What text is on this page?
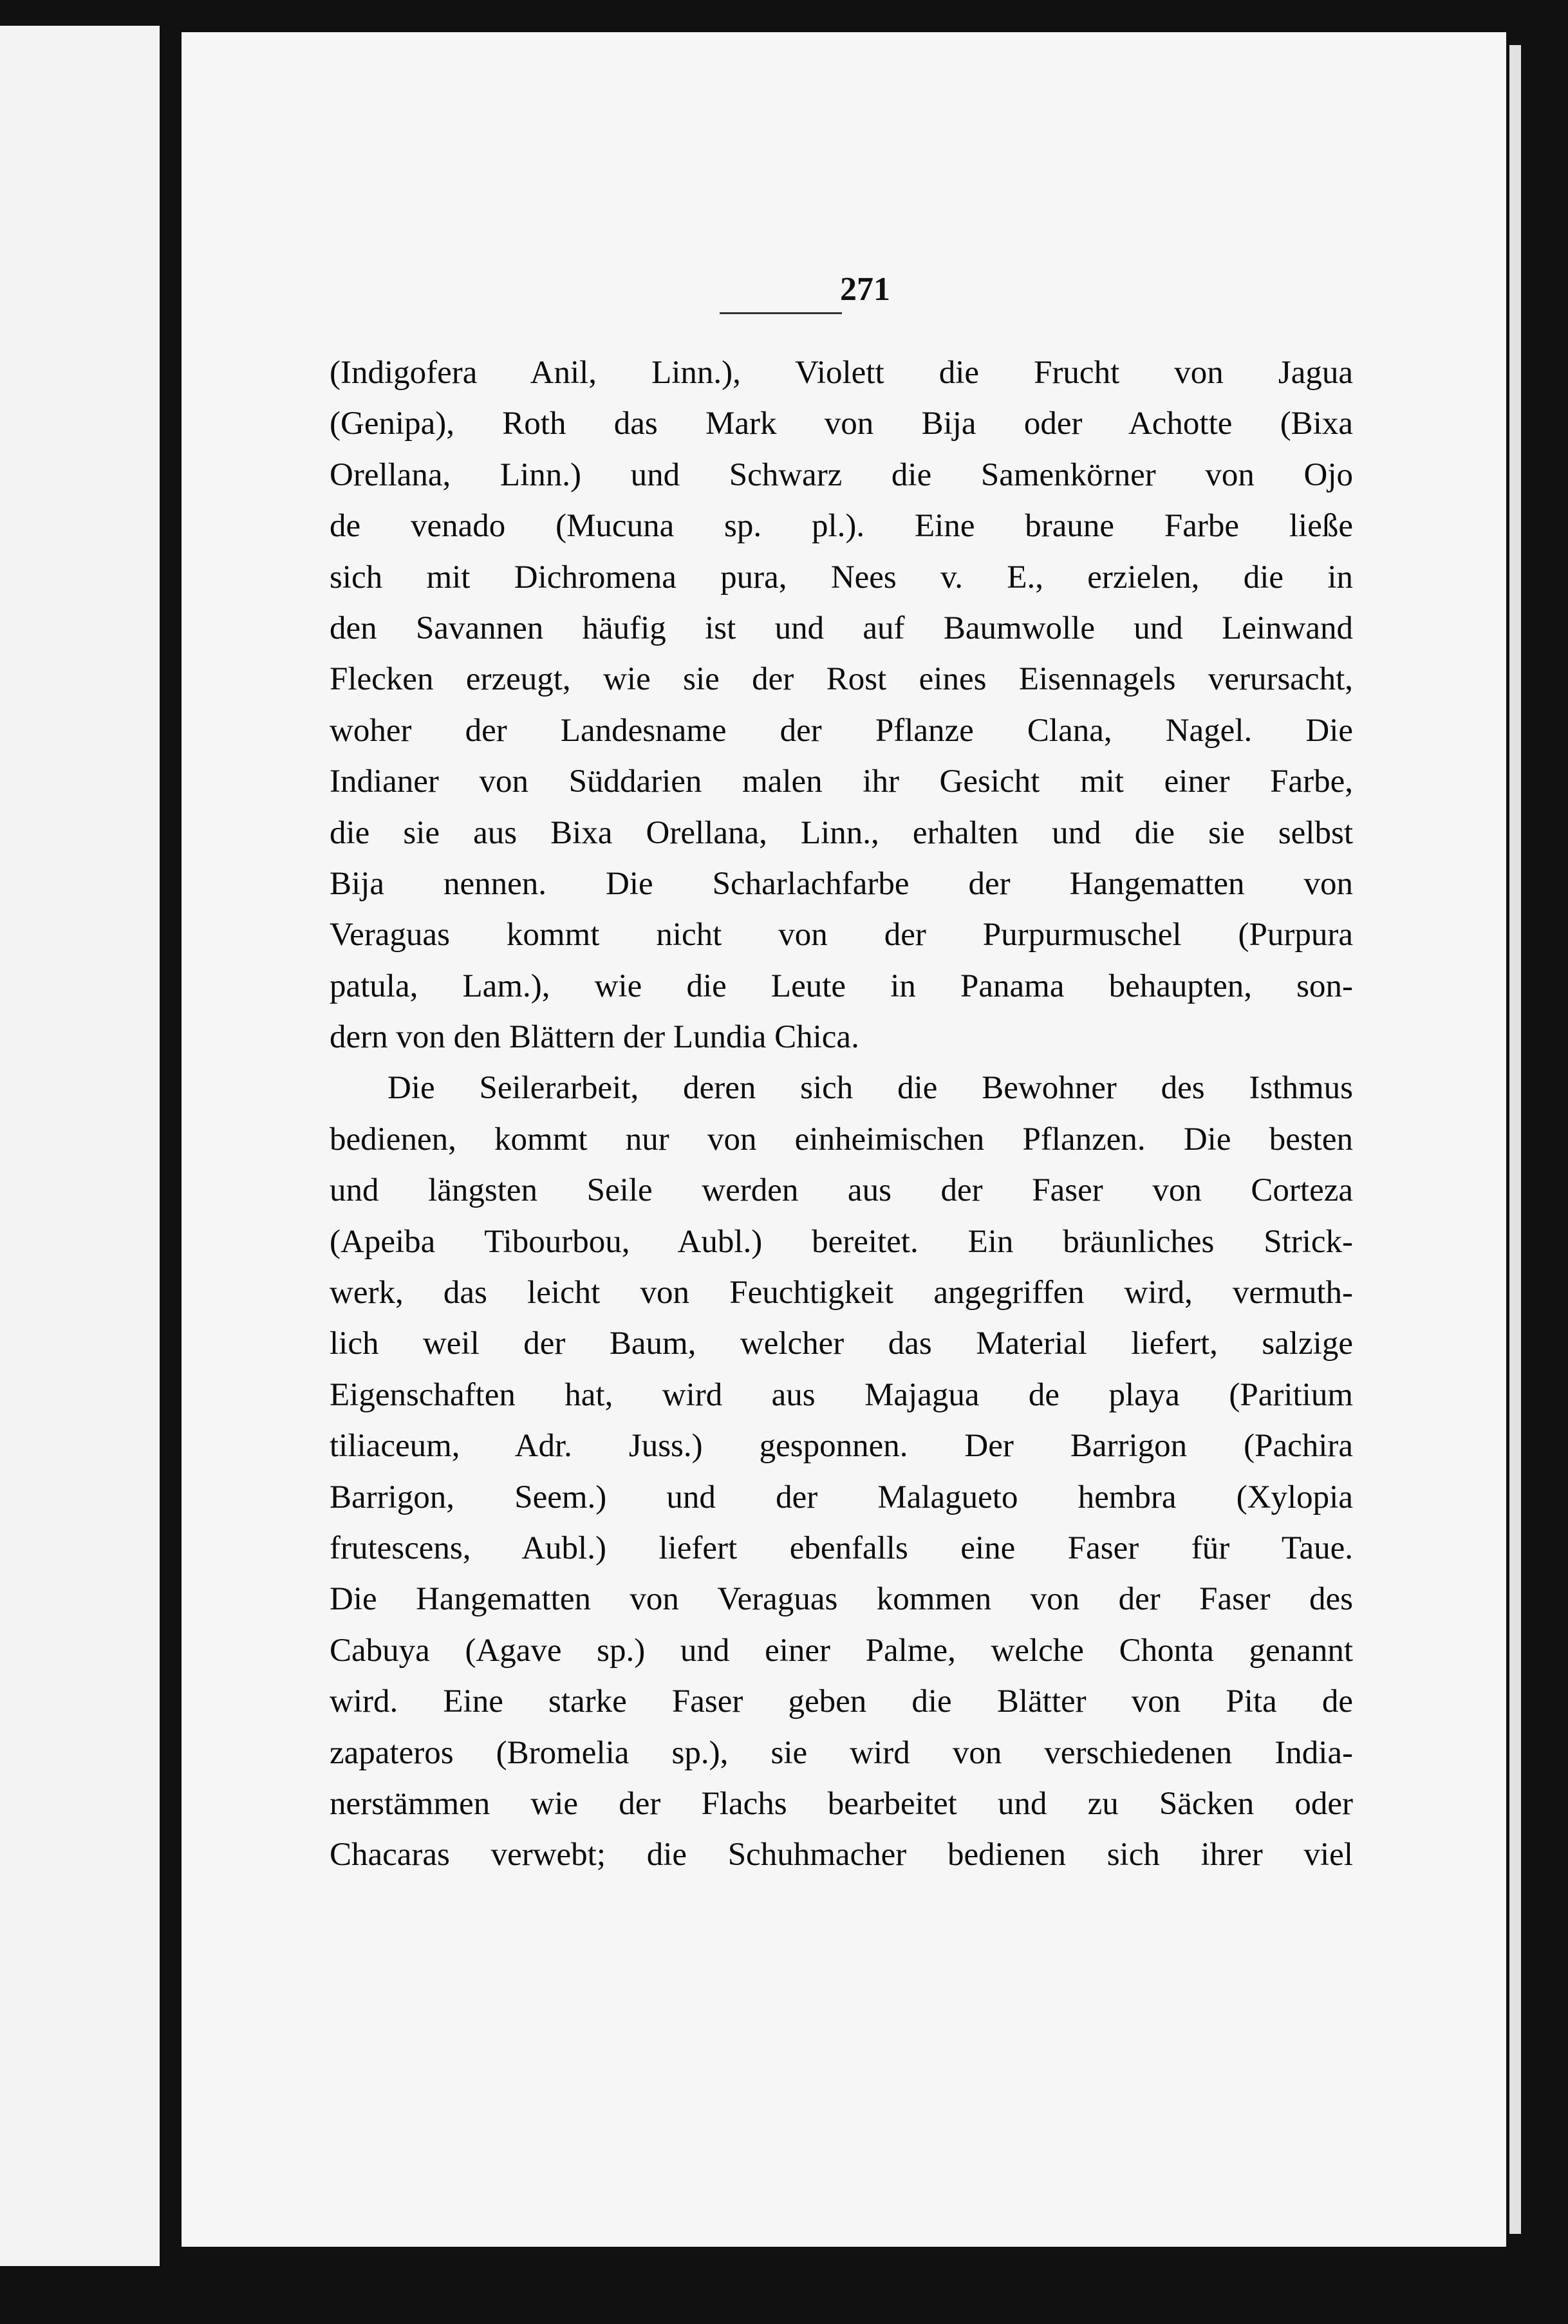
271
(Indigofera Anil, Linn.), Violett die Frucht von Jagua
(Genipa), Roth das Mark von Bija oder Achotte (Bixa
Orellana, Linn.) und Schwarz die Samenkörner von Ojo
de venado (Mucuna sp. pl.). Eine braune Farbe ließe
sich mit Dichromena pura, Nees v. E., erzielen, die in
den Savannen häufig ist und auf Baumwolle und Leinwand
Flecken erzeugt, wie sie der Rost eines Eisennagels verursacht,
woher der Landesname der Pflanze Clana, Nagel. Die
Indianer von Süddarien malen ihr Gesicht mit einer Farbe,
die sie aus Bixa Orellana, Linn., erhalten und die sie selbst
Bija nennen. Die Scharlachfarbe der Hangematten von
Veraguas kommt nicht von der Purpurmuschel (Purpura
patula, Lam.), wie die Leute in Panama behaupten, son-
dern von den Blättern der Lundia Chica.
Die Seilerarbeit, deren sich die Bewohner des Isthmus
bedienen, kommt nur von einheimischen Pflanzen. Die besten
und längsten Seile werden aus der Faser von Corteza
(Apeiba Tibourbou, Aubl.) bereitet. Ein bräunliches Strick-
werk, das leicht von Feuchtigkeit angegriffen wird, vermuth-
lich weil der Baum, welcher das Material liefert, salzige
Eigenschaften hat, wird aus Majagua de playa (Paritium
tiliaceum, Adr. Juss.) gesponnen. Der Barrigon (Pachira
Barrigon, Seem.) und der Malagueto hembra (Xylopia
frutescens, Aubl.) liefert ebenfalls eine Faser für Taue.
Die Hangematten von Veraguas kommen von der Faser des
Cabuya (Agave sp.) und einer Palme, welche Chonta genannt
wird. Eine starke Faser geben die Blätter von Pita de
zapateros (Bromelia sp.), sie wird von verschiedenen India-
nerstämmen wie der Flachs bearbeitet und zu Säcken oder
Chacaras verwebt; die Schuhmacher bedienen sich ihrer viel
